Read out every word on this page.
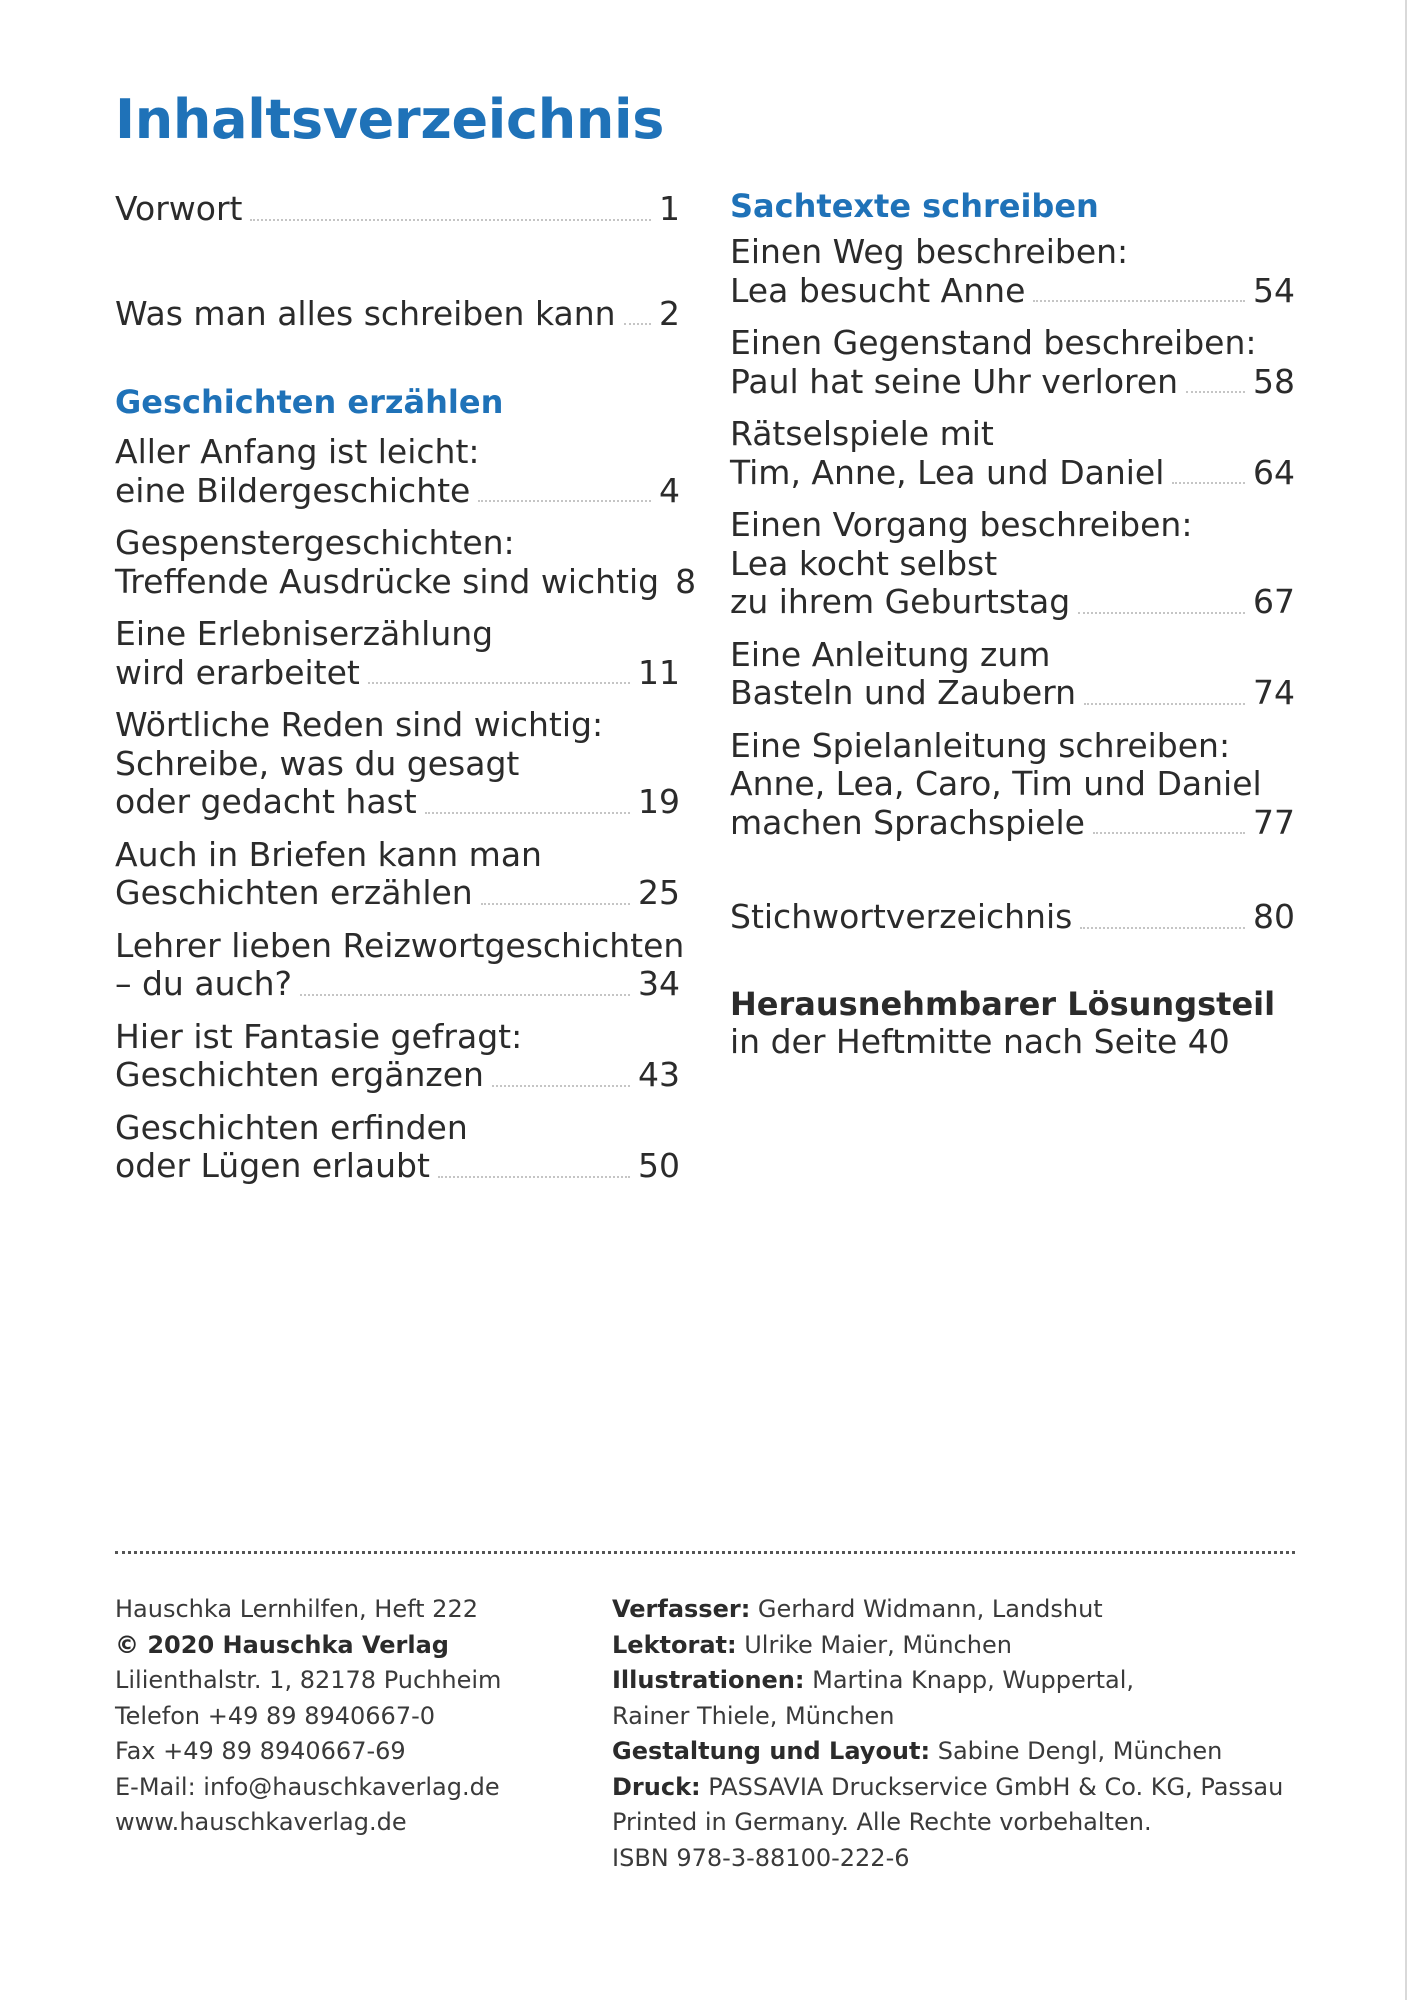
Inhaltsverzeichnis
Vorwort	1
Was man alles schreiben kann 2
Geschichten erzählen
Aller Anfang ist leicht:
eine Bildergeschichte	4
Gespenstergeschichten:
Treffende Ausdrücke sind wichtig 8
Eine Erlebniserzählung
wird erarbeitet	11
Wörtliche Reden sind wichtig:
Schreibe, was du gesagt
oder gedacht hast	19
Auch in Briefen kann man
Geschichten erzählen	25
Lehrer lieben Reizwortgeschichten
– du auch?	34
Hier ist Fantasie gefragt:
Geschichten ergänzen	43
Geschichten erfinden
oder Lügen erlaubt	50
Sachtexte schreiben
Einen Weg beschreiben:
Lea besucht Anne	54
Einen Gegenstand beschreiben:
Paul hat seine Uhr verloren 58
Rätselspiele mit
Tim, Anne, Lea und Daniel	64
Einen Vorgang beschreiben:
Lea kocht selbst
zu ihrem Geburtstag	67
Eine Anleitung zum
Basteln und Zaubern	74
Eine Spielanleitung schreiben:
Anne, Lea, Caro, Tim und Daniel
machen Sprachspiele	77
Stichwortverzeichnis	80
Herausnehmbarer Lösungsteil
in der Heftmitte nach Seite 40
Hauschka Lernhilfen, Heft 222
© 2020 Hauschka Verlag
Lilienthalstr. 1, 82178 Puchheim
Telefon +49 89 8940667-0
Fax +49 89 8940667-69
E-Mail: info@hauschkaverlag.de
www.hauschkaverlag.de
Verfasser: Gerhard Widmann, Landshut
Lektorat: Ulrike Maier, München
Illustrationen: Martina Knapp, Wuppertal,
Rainer Thiele, München
Gestaltung und Layout: Sabine Dengl, München
Druck: PASSAVIA Druckservice GmbH & Co. KG, Passau
Printed in Germany. Alle Rechte vorbehalten.
ISBN 978-3-88100-222-6
